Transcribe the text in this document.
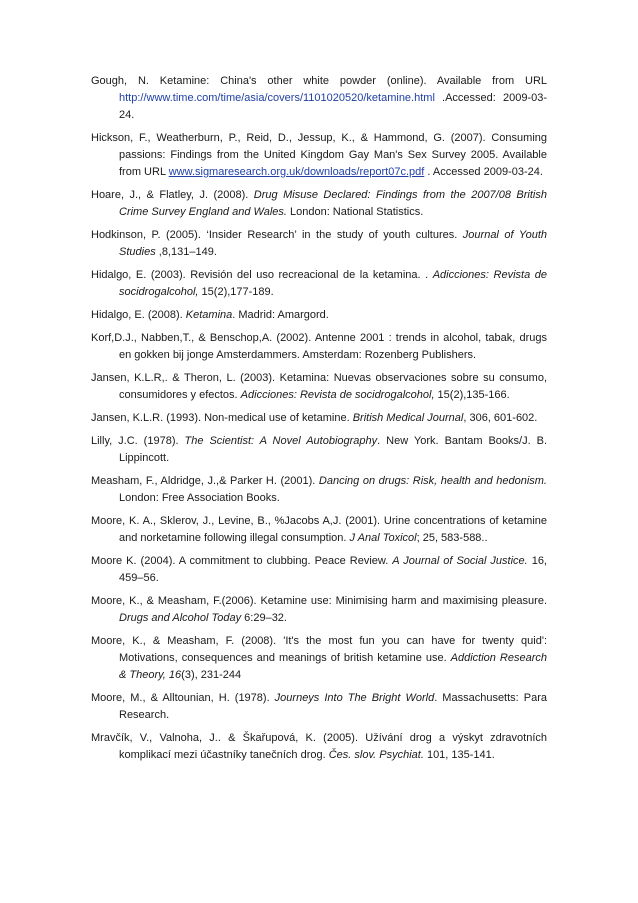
Gough, N. Ketamine: China's other white powder (online). Available from URL http://www.time.com/time/asia/covers/1101020520/ketamine.html .Accessed: 2009-03-24.

Hickson, F., Weatherburn, P., Reid, D., Jessup, K., & Hammond, G. (2007). Consuming passions: Findings from the United Kingdom Gay Man's Sex Survey 2005. Available from URL www.sigmaresearch.org.uk/downloads/report07c.pdf . Accessed 2009-03-24.

Hoare, J., & Flatley, J. (2008). Drug Misuse Declared: Findings from the 2007/08 British Crime Survey England and Wales. London: National Statistics.

Hodkinson, P. (2005). ‘Insider Research’ in the study of youth cultures. Journal of Youth Studies ,8,131–149.

Hidalgo, E. (2003). Revisión del uso recreacional de la ketamina. . Adicciones: Revista de socidrogalcohol, 15(2),177-189.

Hidalgo, E. (2008). Ketamina. Madrid: Amargord.

Korf,D.J., Nabben,T., & Benschop,A. (2002). Antenne 2001 : trends in alcohol, tabak, drugs en gokken bij jonge Amsterdammers. Amsterdam: Rozenberg Publishers.

Jansen, K.L.R,. & Theron, L. (2003). Ketamina: Nuevas observaciones sobre su consumo, consumidores y efectos. Adicciones: Revista de socidrogalcohol, 15(2),135-166.

Jansen, K.L.R. (1993). Non-medical use of ketamine. British Medical Journal, 306, 601-602.

Lilly, J.C. (1978). The Scientist: A Novel Autobiography. New York. Bantam Books/J. B. Lippincott.

Measham, F., Aldridge, J.,& Parker H. (2001). Dancing on drugs: Risk, health and hedonism. London: Free Association Books.

Moore, K. A., Sklerov, J., Levine, B., %Jacobs A,J. (2001). Urine concentrations of ketamine and norketamine following illegal consumption. J Anal Toxicol; 25, 583-588..

Moore K. (2004). A commitment to clubbing. Peace Review. A Journal of Social Justice. 16, 459–56.

Moore, K., & Measham, F.(2006). Ketamine use: Minimising harm and maximising pleasure. Drugs and Alcohol Today 6:29–32.

Moore, K., & Measham, F. (2008). 'It's the most fun you can have for twenty quid': Motivations, consequences and meanings of british ketamine use. Addiction Research & Theory, 16(3), 231-244

Moore, M., & Alltounian, H. (1978). Journeys Into The Bright World. Massachusetts: Para Research.

Mravčík, V., Valnoha, J.. & Škařupová, K. (2005). Užívání drog a výskyt zdravotních komplikací mezi účastníky tanečních drog. Čes. slov. Psychiat. 101, 135-141.
